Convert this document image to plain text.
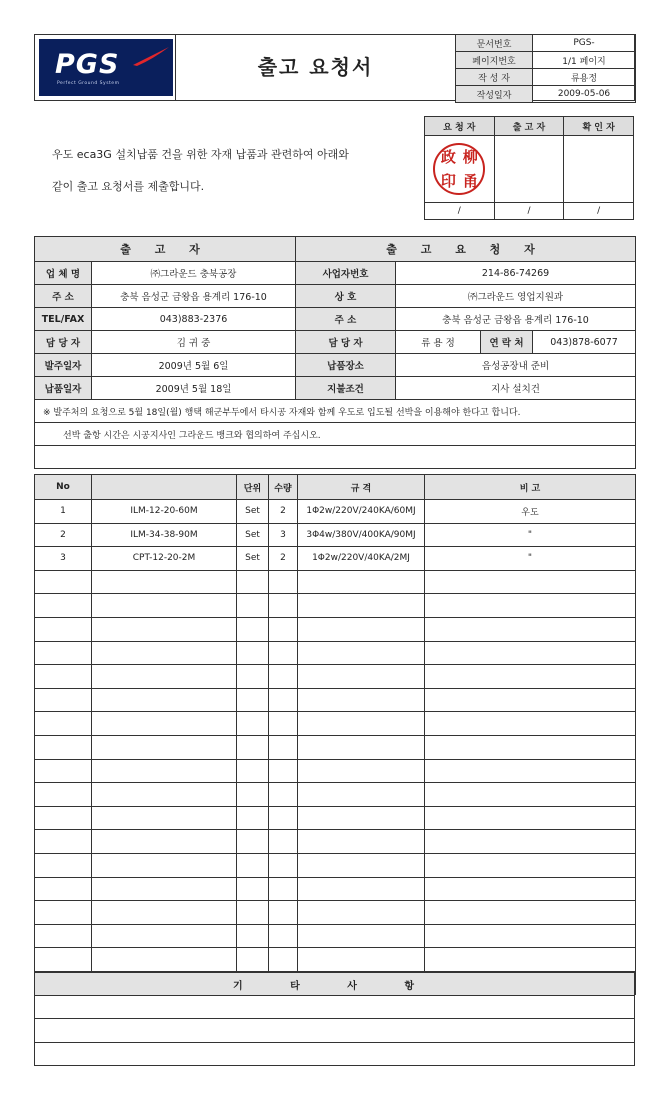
PGS
Perfect Ground System
출고 요청서
문서번호	PGS-
페이지번호	1/1 페이지
작 성 자	류용정
작성일자	2009-05-06
우도 eca3G 설치납품 건을 위한 자재 납품과 관련하여 아래와
같이 출고 요청서를 제출합니다.
요 청 자	출 고 자	확 인 자

政 柳
印 甬		

/	/	/
출 고 자		출 고 요 청 자			
업 체 명	㈜그라운드 충북공장	사업자번호	214-86-74269		
주 소	충북 음성군 금왕읍 용계리 176-10	상 호	㈜그라운드 영업지원과		
TEL/FAX	043)883-2376	주 소	충북 음성군 금왕읍 용계리 176-10		
담 당 자	김 귀 중	담 당 자	류 용 정	연 락 처	043)878-6077
발주일자	2009년 5월 6일	납품장소	음성공장내 준비		
납품일자	2009년 5월 18일	지불조건	지사 설치건		
※ 발주처의 요청으로 5월 18일(월) 행택 해군부두에서 타시공 자재와 함께 우도로 입도될 선박을 이용해야 한다고 합니다.					
선박 출항 시간은 시공지사인 그라운드 뱅크와 협의하여 주십시오.					

No		단위	수량	규 격	비 고
1	ILM-12-20-60M	Set	2	1Φ2w/220V/240KA/60MJ	우도
2	ILM-34-38-90M	Set	3	3Φ4w/380V/400KA/90MJ	"
3	CPT-12-20-2M	Set	2	1Φ2w/220V/40KA/2MJ	"

기 타 사 항
